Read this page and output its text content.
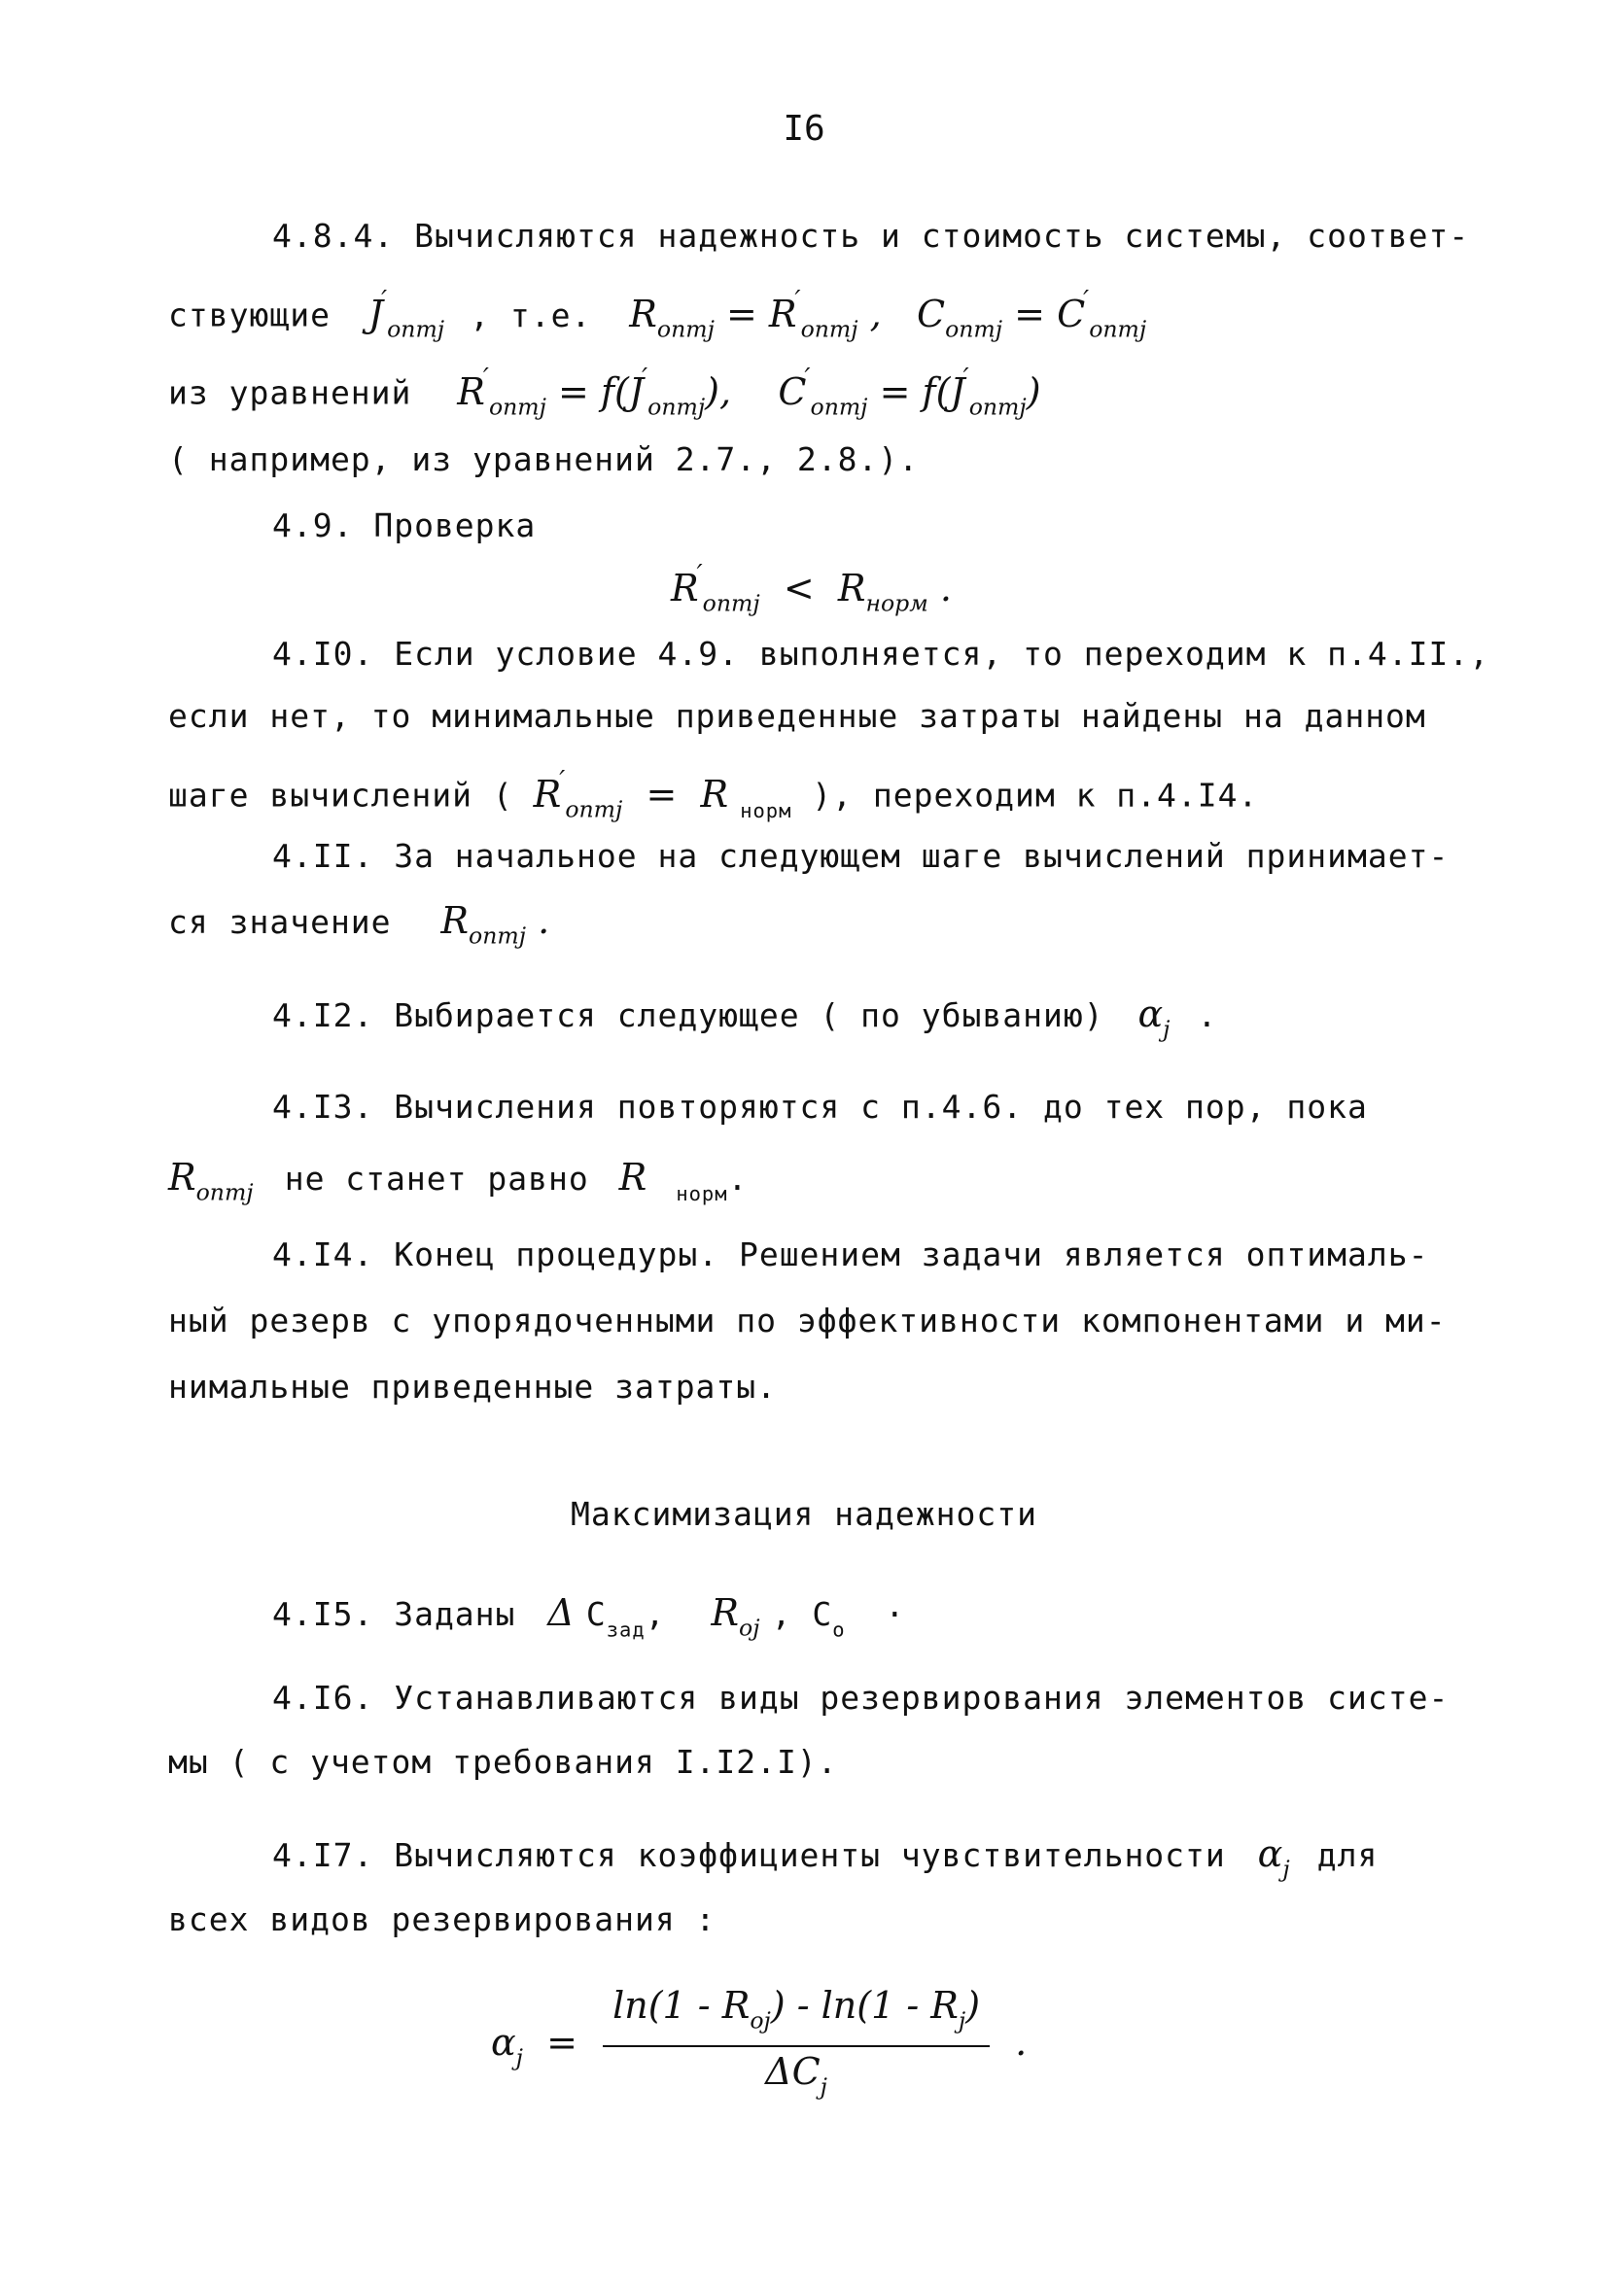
I6
4.8.4. Вычисляются надежность и стоимость системы, соответ-
ствующие $J'_{оптj}$ , т.е. $R_{оптj} = R'_{оптj}$ ,   $C_{оптj} = C'_{оптj}$
из уравнений $R'_{оптj} = f(J'_{оптj})$,    $C'_{оптj} = f(J'_{оптj})$
( например, из уравнений 2.7., 2.8.).
4.9. Проверка
$R'_{оптj} < R_{норм}$ .
4.I0. Если условие 4.9. выполняется, то переходим к п.4.II.,
если нет, то минимальные приведенные затраты найдены на данном
шаге вычислений ( $R'_{оптj} = R$ $_{норм}$ ), переходим к п.4.I4.
4.II. За начальное на следующем шаге вычислений принимает-
ся значение $R_{оптj}$ .
4.I2. Выбирается следующее ( по убыванию) $\alpha_j$ .
4.I3. Вычисления повторяются с п.4.6. до тех пор, пока
$R_{оптj}$ не станет равно R $_{норм}$.
4.I4. Конец процедуры. Решением задачи является оптималь-
ный резерв с упорядоченными по эффективности компонентами и ми-
нимальные приведенные затраты.
Максимизация надежности
4.I5. Заданы Δ $C_{зад}$, $R_{oj}$ , $C_o$ ·
4.I6. Устанавливаются виды резервирования элементов систе-
мы ( с учетом требования I.I2.I).
4.I7. Вычисляются коэффициенты чувствительности $\alpha_j$ для
всех видов резервирования :
$\alpha_j = \frac{\ln(1 - R_{oj}) - \ln(1 - R_j)}{\Delta C_j}$ .
